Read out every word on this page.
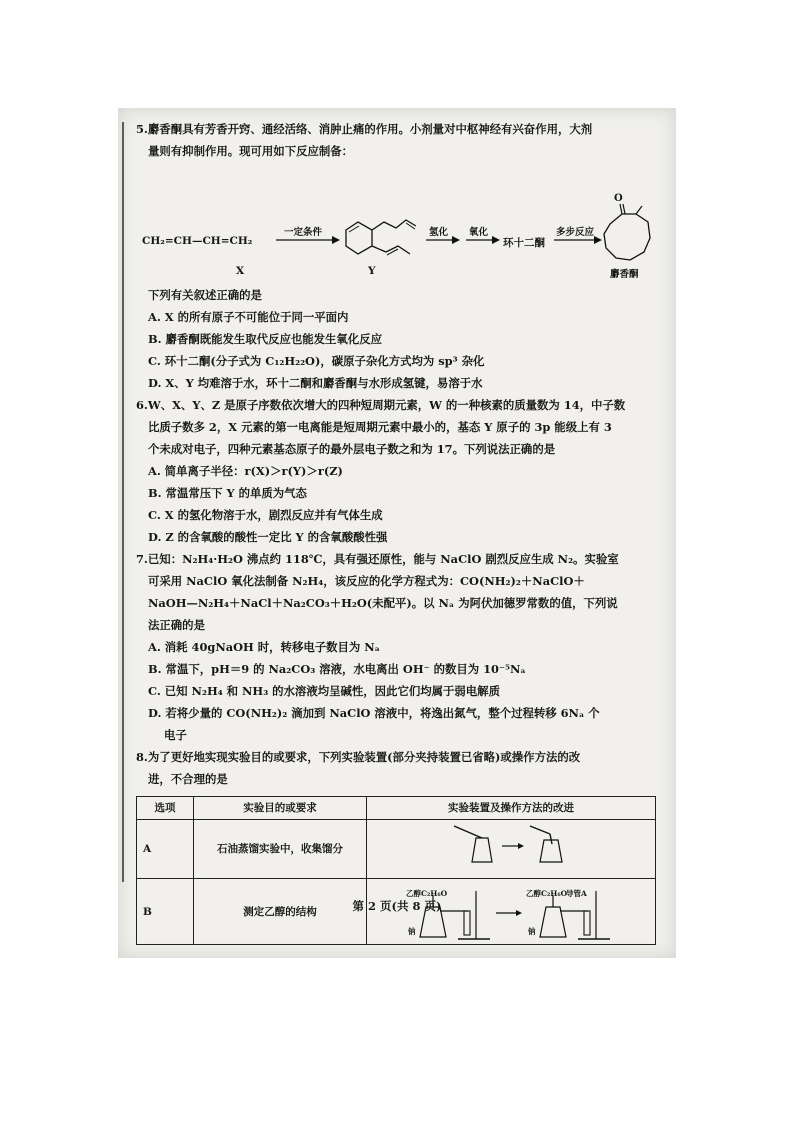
5.麝香酮具有芳香开窍、通经活络、消肿止痛的作用。小剂量对中枢神经有兴奋作用，大剂

量则有抑制作用。现可用如下反应制备：

CH₂=CH—CH=CH₂
一定条件
X	Y
氢化 氧化
环十二酮
多步反应
O
麝香酮

下列有关叙述正确的是

A. X 的所有原子不可能位于同一平面内

B. 麝香酮既能发生取代反应也能发生氧化反应

C. 环十二酮(分子式为 C₁₂H₂₂O)，碳原子杂化方式均为 sp³ 杂化

D. X、Y 均难溶于水，环十二酮和麝香酮与水形成氢键，易溶于水

6.W、X、Y、Z 是原子序数依次增大的四种短周期元素，W 的一种核素的质量数为 14，中子数

比质子数多 2，X 元素的第一电离能是短周期元素中最小的，基态 Y 原子的 3p 能级上有 3

个未成对电子，四种元素基态原子的最外层电子数之和为 17。下列说法正确的是

A. 简单离子半径：r(X)＞r(Y)＞r(Z)

B. 常温常压下 Y 的单质为气态

C. X 的氢化物溶于水，剧烈反应并有气体生成

D. Z 的含氧酸的酸性一定比 Y 的含氧酸酸性强

7.已知：N₂H₄·H₂O 沸点约 118℃，具有强还原性，能与 NaClO 剧烈反应生成 N₂。实验室

可采用 NaClO 氧化法制备 N₂H₄，该反应的化学方程式为：CO(NH₂)₂＋NaClO＋

NaOH—N₂H₄＋NaCl＋Na₂CO₃＋H₂O(未配平)。以 Nₐ 为阿伏加德罗常数的值，下列说

法正确的是

A. 消耗 40gNaOH 时，转移电子数目为 Nₐ

B. 常温下，pH＝9 的 Na₂CO₃ 溶液，水电离出 OH⁻ 的数目为 10⁻⁵Nₐ

C. 已知 N₂H₄ 和 NH₃ 的水溶液均呈碱性，因此它们均属于弱电解质

D. 若将少量的 CO(NH₂)₂ 滴加到 NaClO 溶液中，将逸出氮气，整个过程转移 6Nₐ 个

电子

8.为了更好地实现实验目的或要求，下列实验装置(部分夹持装置已省略)或操作方法的改

进，不合理的是

选项	实验目的或要求	实验装置及操作方法的改进
A	石油蒸馏实验中，收集馏分	
B	测定乙醇的结构	乙醇C₂H₆O
钠
乙醇C₂H₆O
钠
导管A
第 2 页(共 8 页)
